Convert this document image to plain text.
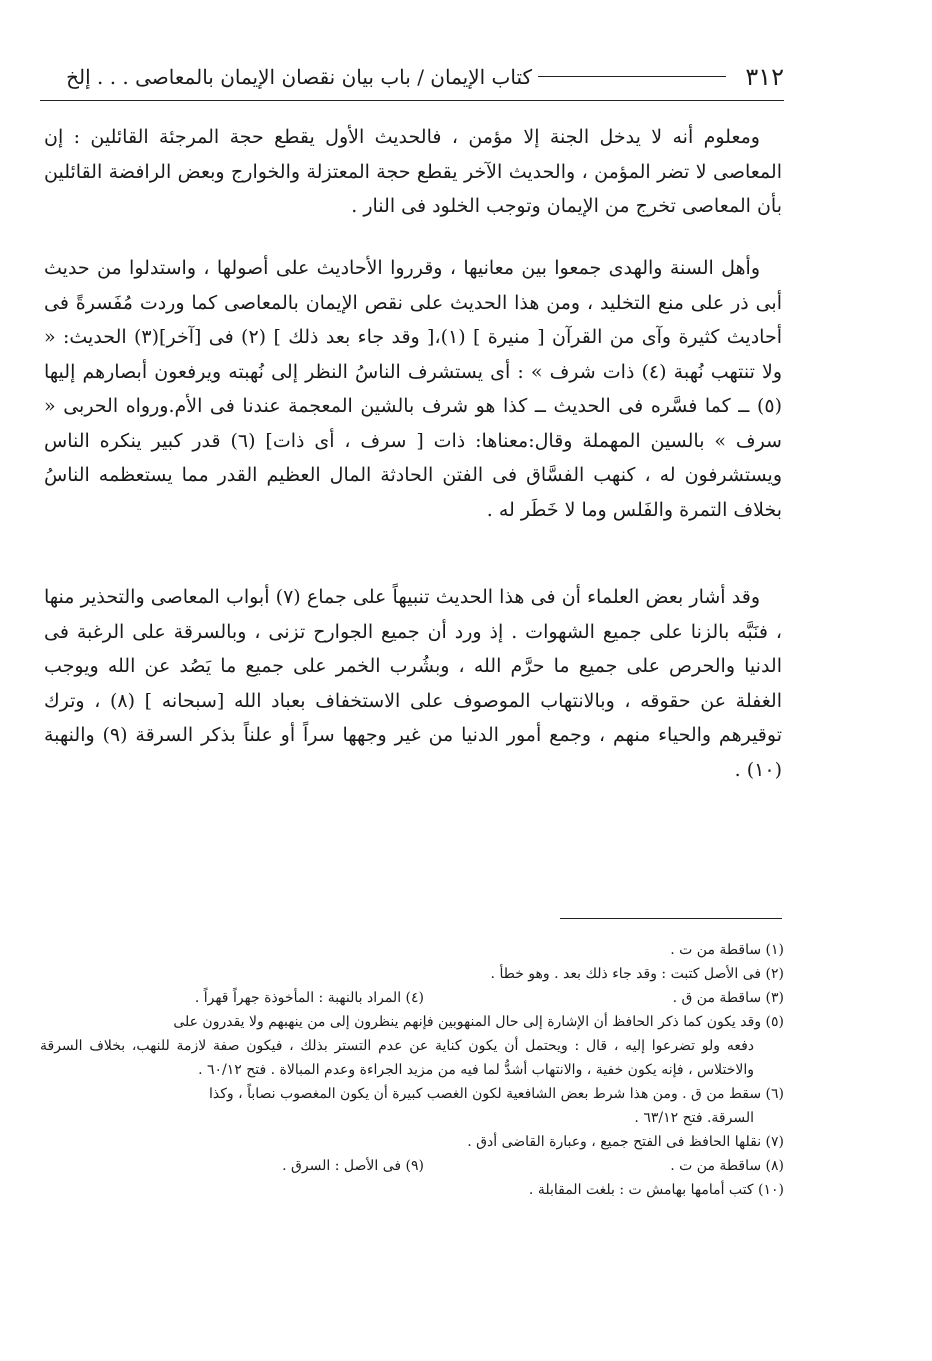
٣١٢
كتاب الإيمان / باب بيان نقصان الإيمان بالمعاصى . . . إلخ

ومعلوم أنه لا يدخل الجنة إلا مؤمن ، فالحديث الأول يقطع حجة المرجئة القائلين : إن المعاصى لا تضر المؤمن ، والحديث الآخر يقطع حجة المعتزلة والخوارج وبعض الرافضة القائلين بأن المعاصى تخرج من الإيمان وتوجب الخلود فى النار .

وأهل السنة والهدى جمعوا بين معانيها ، وقرروا الأحاديث على أصولها ، واستدلوا من حديث أبى ذر على منع التخليد ، ومن هذا الحديث على نقص الإيمان بالمعاصى كما وردت مُفَسرةً فى أحاديث كثيرة وآى من القرآن [ منيرة ] (١)،[ وقد جاء بعد ذلك ] (٢) فى [آخر](٣) الحديث: « ولا تنتهب نُهبة (٤) ذات شرف » : أى يستشرف الناسُ النظر إلى نُهبته ويرفعون أبصارهم إليها (٥) ــ كما فسَّره فى الحديث ــ كذا هو شرف بالشين المعجمة عندنا فى الأم.ورواه الحربى « سرف » بالسين المهملة وقال:معناها: ذات [ سرف ، أى ذات] (٦) قدر كبير ينكره الناس ويستشرفون له ، كنهب الفسَّاق فى الفتن الحادثة المال العظيم القدر مما يستعظمه الناسُ بخلاف التمرة والفَلس وما لا خَطَر له .

وقد أشار بعض العلماء أن فى هذا الحديث تنبيهاً على جماع (٧) أبواب المعاصى والتحذير منها ، فنَبَّه بالزنا على جميع الشهوات . إذ ورد أن جميع الجوارح تزنى ، وبالسرقة على الرغبة فى الدنيا والحرص على جميع ما حرَّم الله ، وبشُرب الخمر على جميع ما يَصُد عن الله ويوجب الغفلة عن حقوقه ، وبالانتهاب الموصوف على الاستخفاف بعباد الله [سبحانه ] (٨) ، وترك توقيرهم والحياء منهم ، وجمع أمور الدنيا من غير وجهها سراً أو علناً بذكر السرقة (٩) والنهبة (١٠) .

(١) ساقطة من ت .
(٢) فى الأصل كتبت : وقد جاء ذلك بعد . وهو خطأ .
(٣) ساقطة من ق .
(٤) المراد بالنهبة : المأخوذة جهراً قهراً .
(٥) وقد يكون كما ذكر الحافظ أن الإشارة إلى حال المنهوبين فإنهم ينظرون إلى من ينهبهم ولا يقدرون على
دفعه ولو تضرعوا إليه ، قال : ويحتمل أن يكون كناية عن عدم التستر بذلك ، فيكون صفة لازمة للنهب، بخلاف السرقة والاختلاس ، فإنه يكون خفية ، والانتهاب أشدُّ لما فيه من مزيد الجراءة وعدم المبالاة . فتح ٦٠/١٢ .
(٦) سقط من ق . ومن هذا شرط بعض الشافعية لكون الغصب كبيرة أن يكون المغصوب نصاباً ، وكذا
السرقة. فتح ٦٣/١٢ .
(٧) نقلها الحافظ فى الفتح جميع ، وعبارة القاضى أدق .
(٨) ساقطة من ت .
(٩) فى الأصل : السرق .
(١٠) كتب أمامها بهامش ت : بلغت المقابلة .
